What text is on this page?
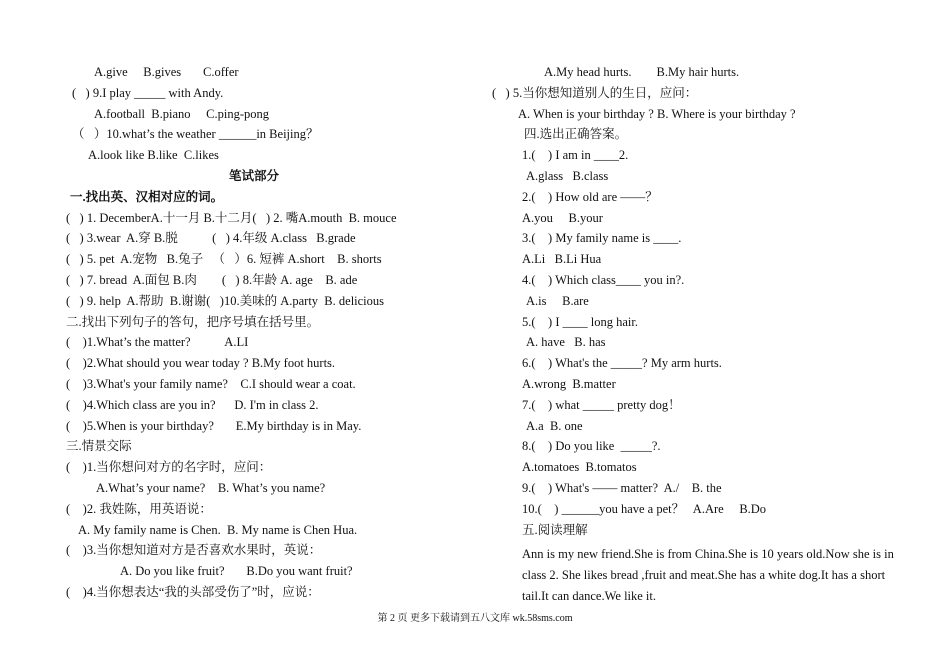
A.give     B.gives       C.offer
(   ) 9.I play _____ with Andy.
A.football  B.piano     C.ping-pong
（   ）10.what’s the weather ______in Beijing？
A.look like B.like  C.likes
笔试部分
一.找出英、汉相对应的词。
(   ) 1. DecemberA.十一月 B.十二月(   ) 2. 嘴A.mouth  B. mouce
(   ) 3.wear  A.穿 B.脱           (   ) 4.年级 A.class   B.grade
(   ) 5. pet  A.宠物   B.兔子   （   ）6. 短裤 A.short    B. shorts
(   ) 7. bread  A.面包 B.肉        (   ) 8.年龄 A. age    B. ade
(   ) 9. help  A.帮助  B.谢谢(   )10.美味的 A.party  B. delicious
二.找出下列句子的答句，把序号填在括号里。
(    )1.What’s the matter?           A.LI
(    )2.What should you wear today ? B.My foot hurts.
(    )3.What's your family name?    C.I should wear a coat.
(    )4.Which class are you in?      D. I'm in class 2.
(    )5.When is your birthday?       E.My birthday is in May.
三.情景交际
(    )1.当你想问对方的名字时，应问：
A.What’s your name?    B. What’s you name?
(    )2. 我姓陈，用英语说：
A. My family name is Chen.  B. My name is Chen Hua.
(    )3.当你想知道对方是否喜欢水果时，英说：
A. Do you like fruit?       B.Do you want fruit?
(    )4.当你想表达“我的头部受伤了”时，应说：
Ann is my new friend.She is from China.She is 10 years old.Now she is in class 2. She likes bread ,fruit and meat.She has a white dog.It has a short tail.It can dance.We like it.
A.My head hurts.        B.My hair hurts.
(   ) 5.当你想知道别人的生日，应问：
A. When is your birthday ? B. Where is your birthday ?
四.选出正确答案。
1.(    ) I am in ____2.
A.glass   B.class
2.(    ) How old are ——？
A.you     B.your
3.(    ) My family name is ____.
A.Li   B.Li Hua
4.(    ) Which class____ you in?.
A.is     B.are
5.(    ) I ____ long hair.
A. have   B. has
6.(    ) What's the _____? My arm hurts.
A.wrong  B.matter
7.(    ) what _____ pretty dog！
A.a  B. one
8.(    ) Do you like  _____?.
A.tomatoes  B.tomatos
9.(    ) What's —— matter?  A./    B. the
10.(    ) ______you have a pet？   A.Are     B.Do
五.阅读理解
第 2 页 更多下载请到五八文库 wk.58sms.com
